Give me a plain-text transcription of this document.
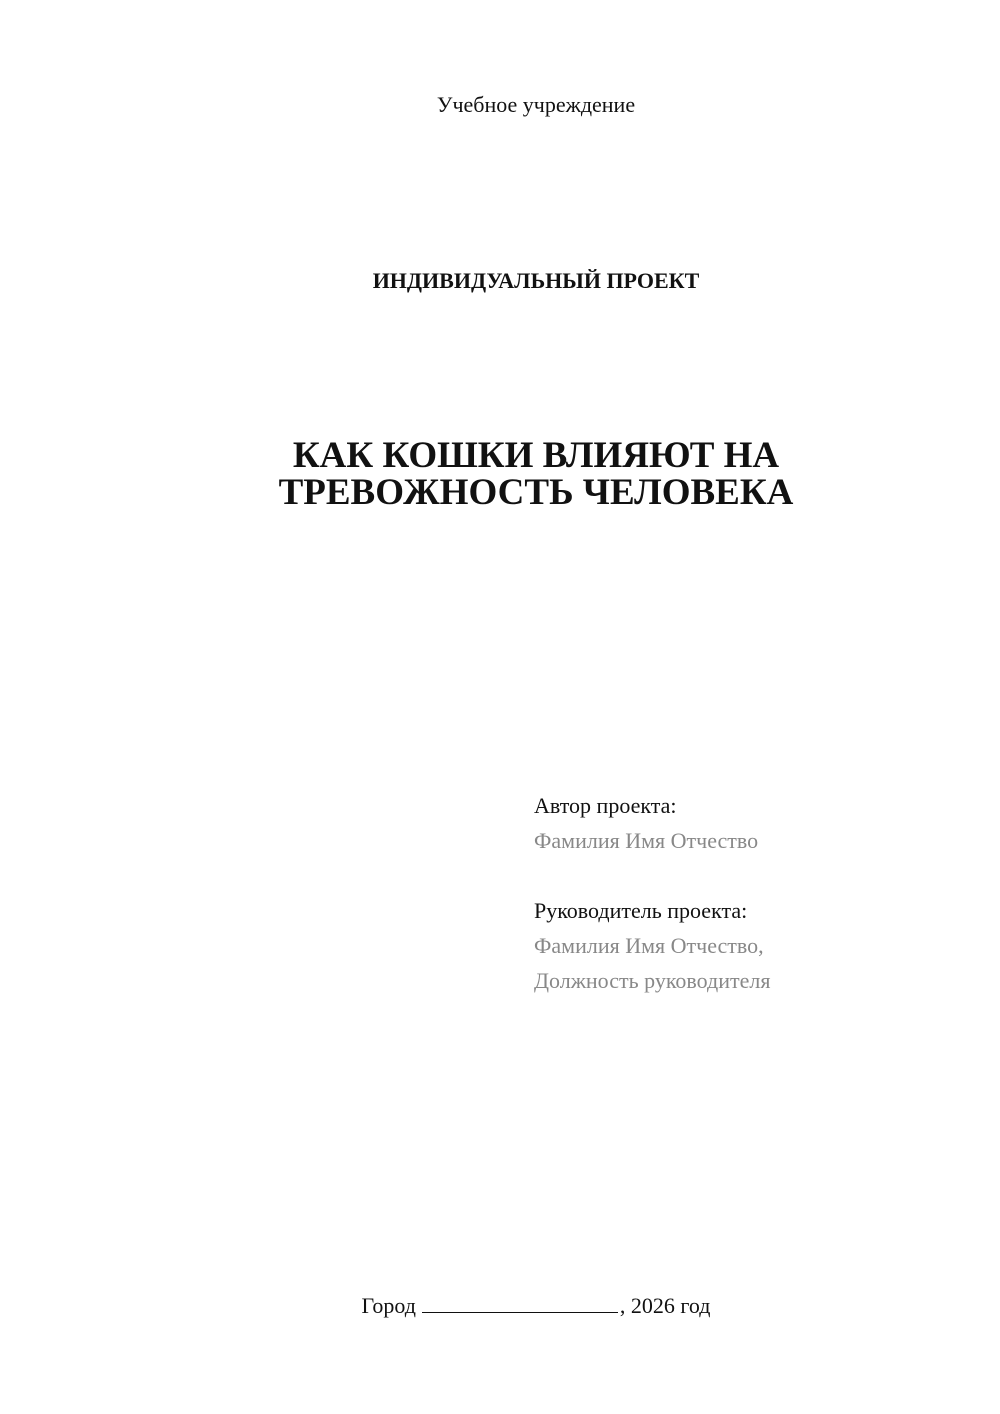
Учебное учреждение
ИНДИВИДУАЛЬНЫЙ ПРОЕКТ
КАК КОШКИ ВЛИЯЮТ НА
ТРЕВОЖНОСТЬ ЧЕЛОВЕКА
Автор проекта:
Фамилия Имя Отчество
Руководитель проекта:
Фамилия Имя Отчество,
Должность руководителя
Город	, 2026 год
